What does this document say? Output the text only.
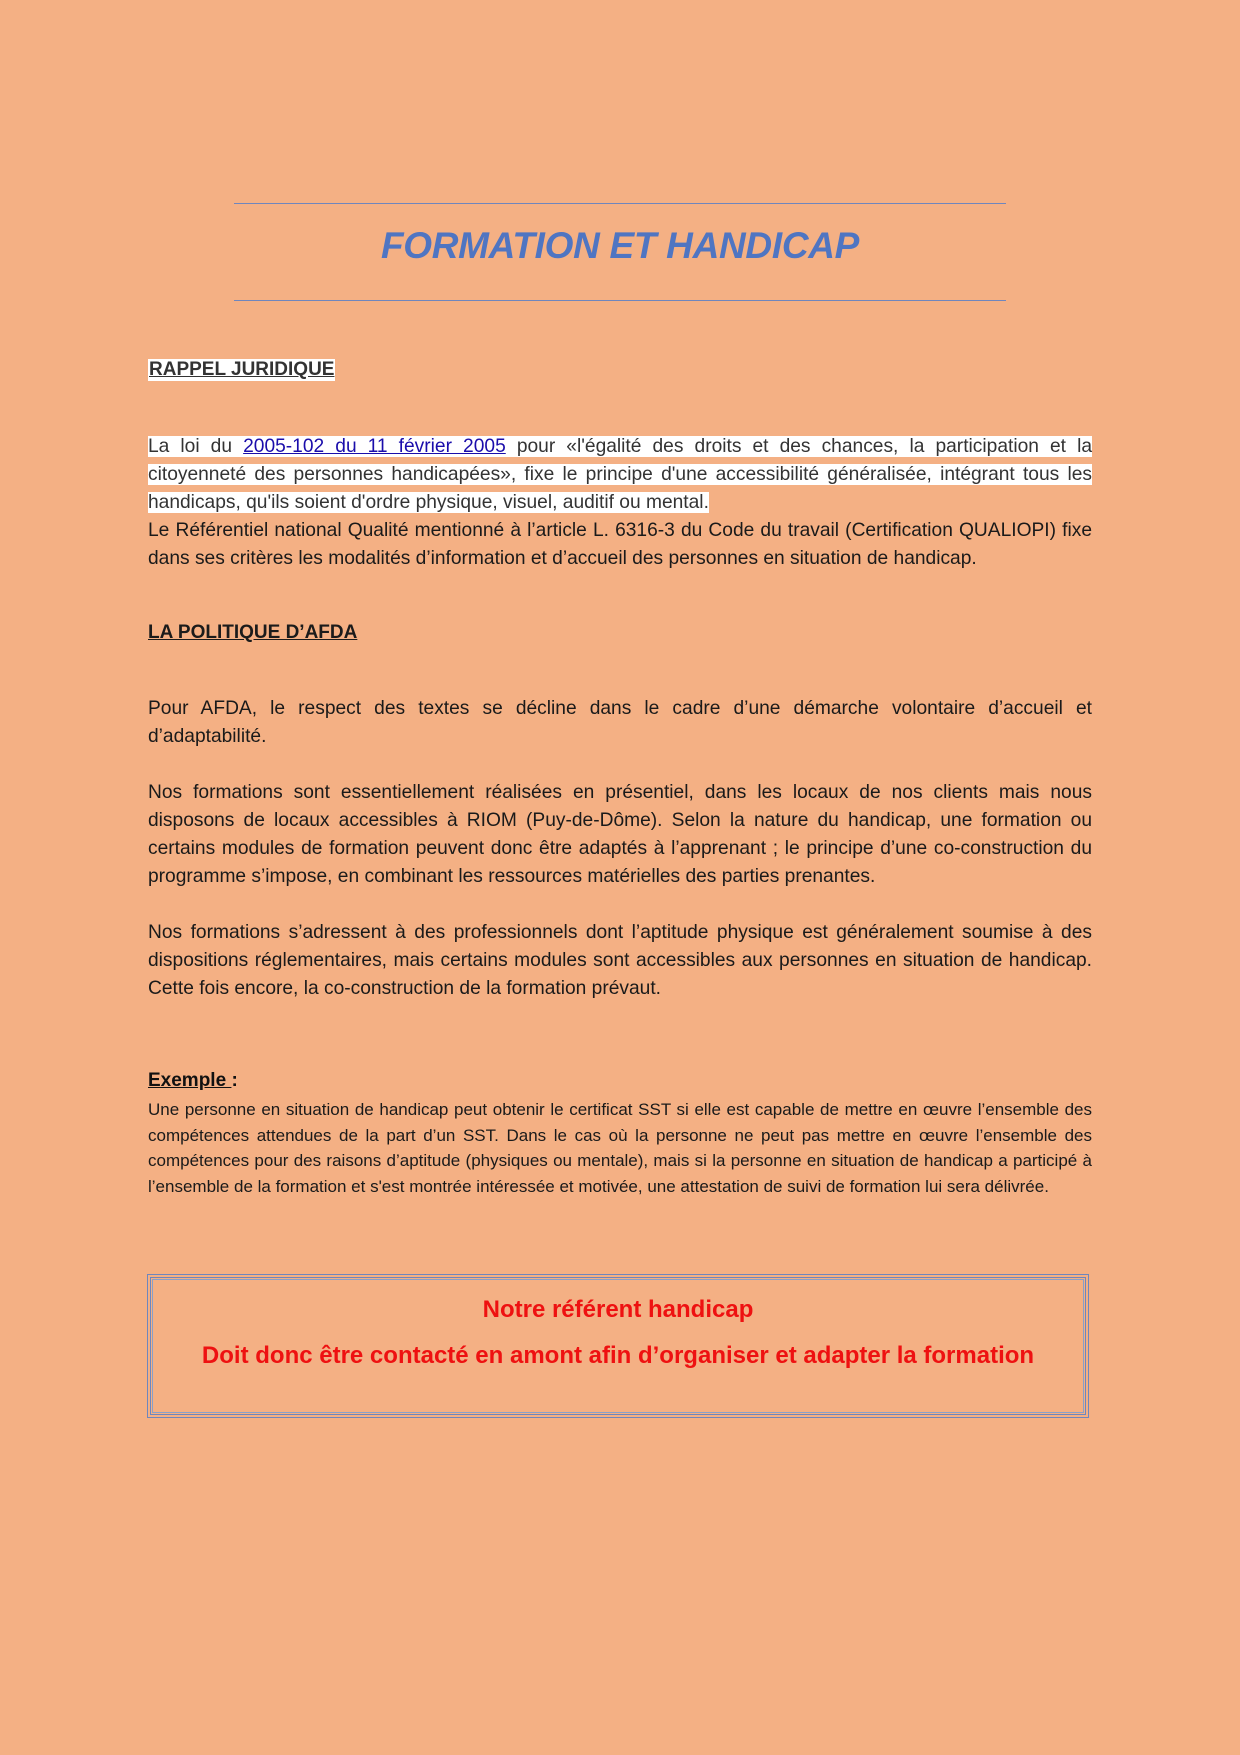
FORMATION ET HANDICAP
RAPPEL JURIDIQUE
La loi du 2005-102 du 11 février 2005 pour «l'égalité des droits et des chances, la participation et la citoyenneté des personnes handicapées», fixe le principe d'une accessibilité généralisée, intégrant tous les handicaps, qu'ils soient d'ordre physique, visuel, auditif ou mental.
Le Référentiel national Qualité mentionné à l’article L. 6316-3 du Code du travail (Certification QUALIOPI) fixe dans ses critères les modalités d’information et d’accueil des personnes en situation de handicap.
LA POLITIQUE D’AFDA
Pour AFDA, le respect des textes se décline dans le cadre d’une démarche volontaire d’accueil et d’adaptabilité.
Nos formations sont essentiellement réalisées en présentiel, dans les locaux de nos clients mais nous disposons de locaux accessibles à RIOM (Puy-de-Dôme). Selon la nature du handicap, une formation ou certains modules de formation peuvent donc être adaptés à l’apprenant ; le principe d’une co-construction du programme s’impose, en combinant les ressources matérielles des parties prenantes.
Nos formations s’adressent à des professionnels dont l’aptitude physique est généralement soumise à des dispositions réglementaires, mais certains modules sont accessibles aux personnes en situation de handicap. Cette fois encore, la co-construction de la formation prévaut.
Exemple :
Une personne en situation de handicap peut obtenir le certificat SST si elle est capable de mettre en œuvre l’ensemble des compétences attendues de la part d’un SST. Dans le cas où la personne ne peut pas mettre en œuvre l’ensemble des compétences pour des raisons d’aptitude (physiques ou mentale), mais si la personne en situation de handicap a participé à l’ensemble de la formation et s'est montrée intéressée et motivée, une attestation de suivi de formation lui sera délivrée.
Notre référent handicap
Doit donc être contacté en amont afin d’organiser et adapter la formation
